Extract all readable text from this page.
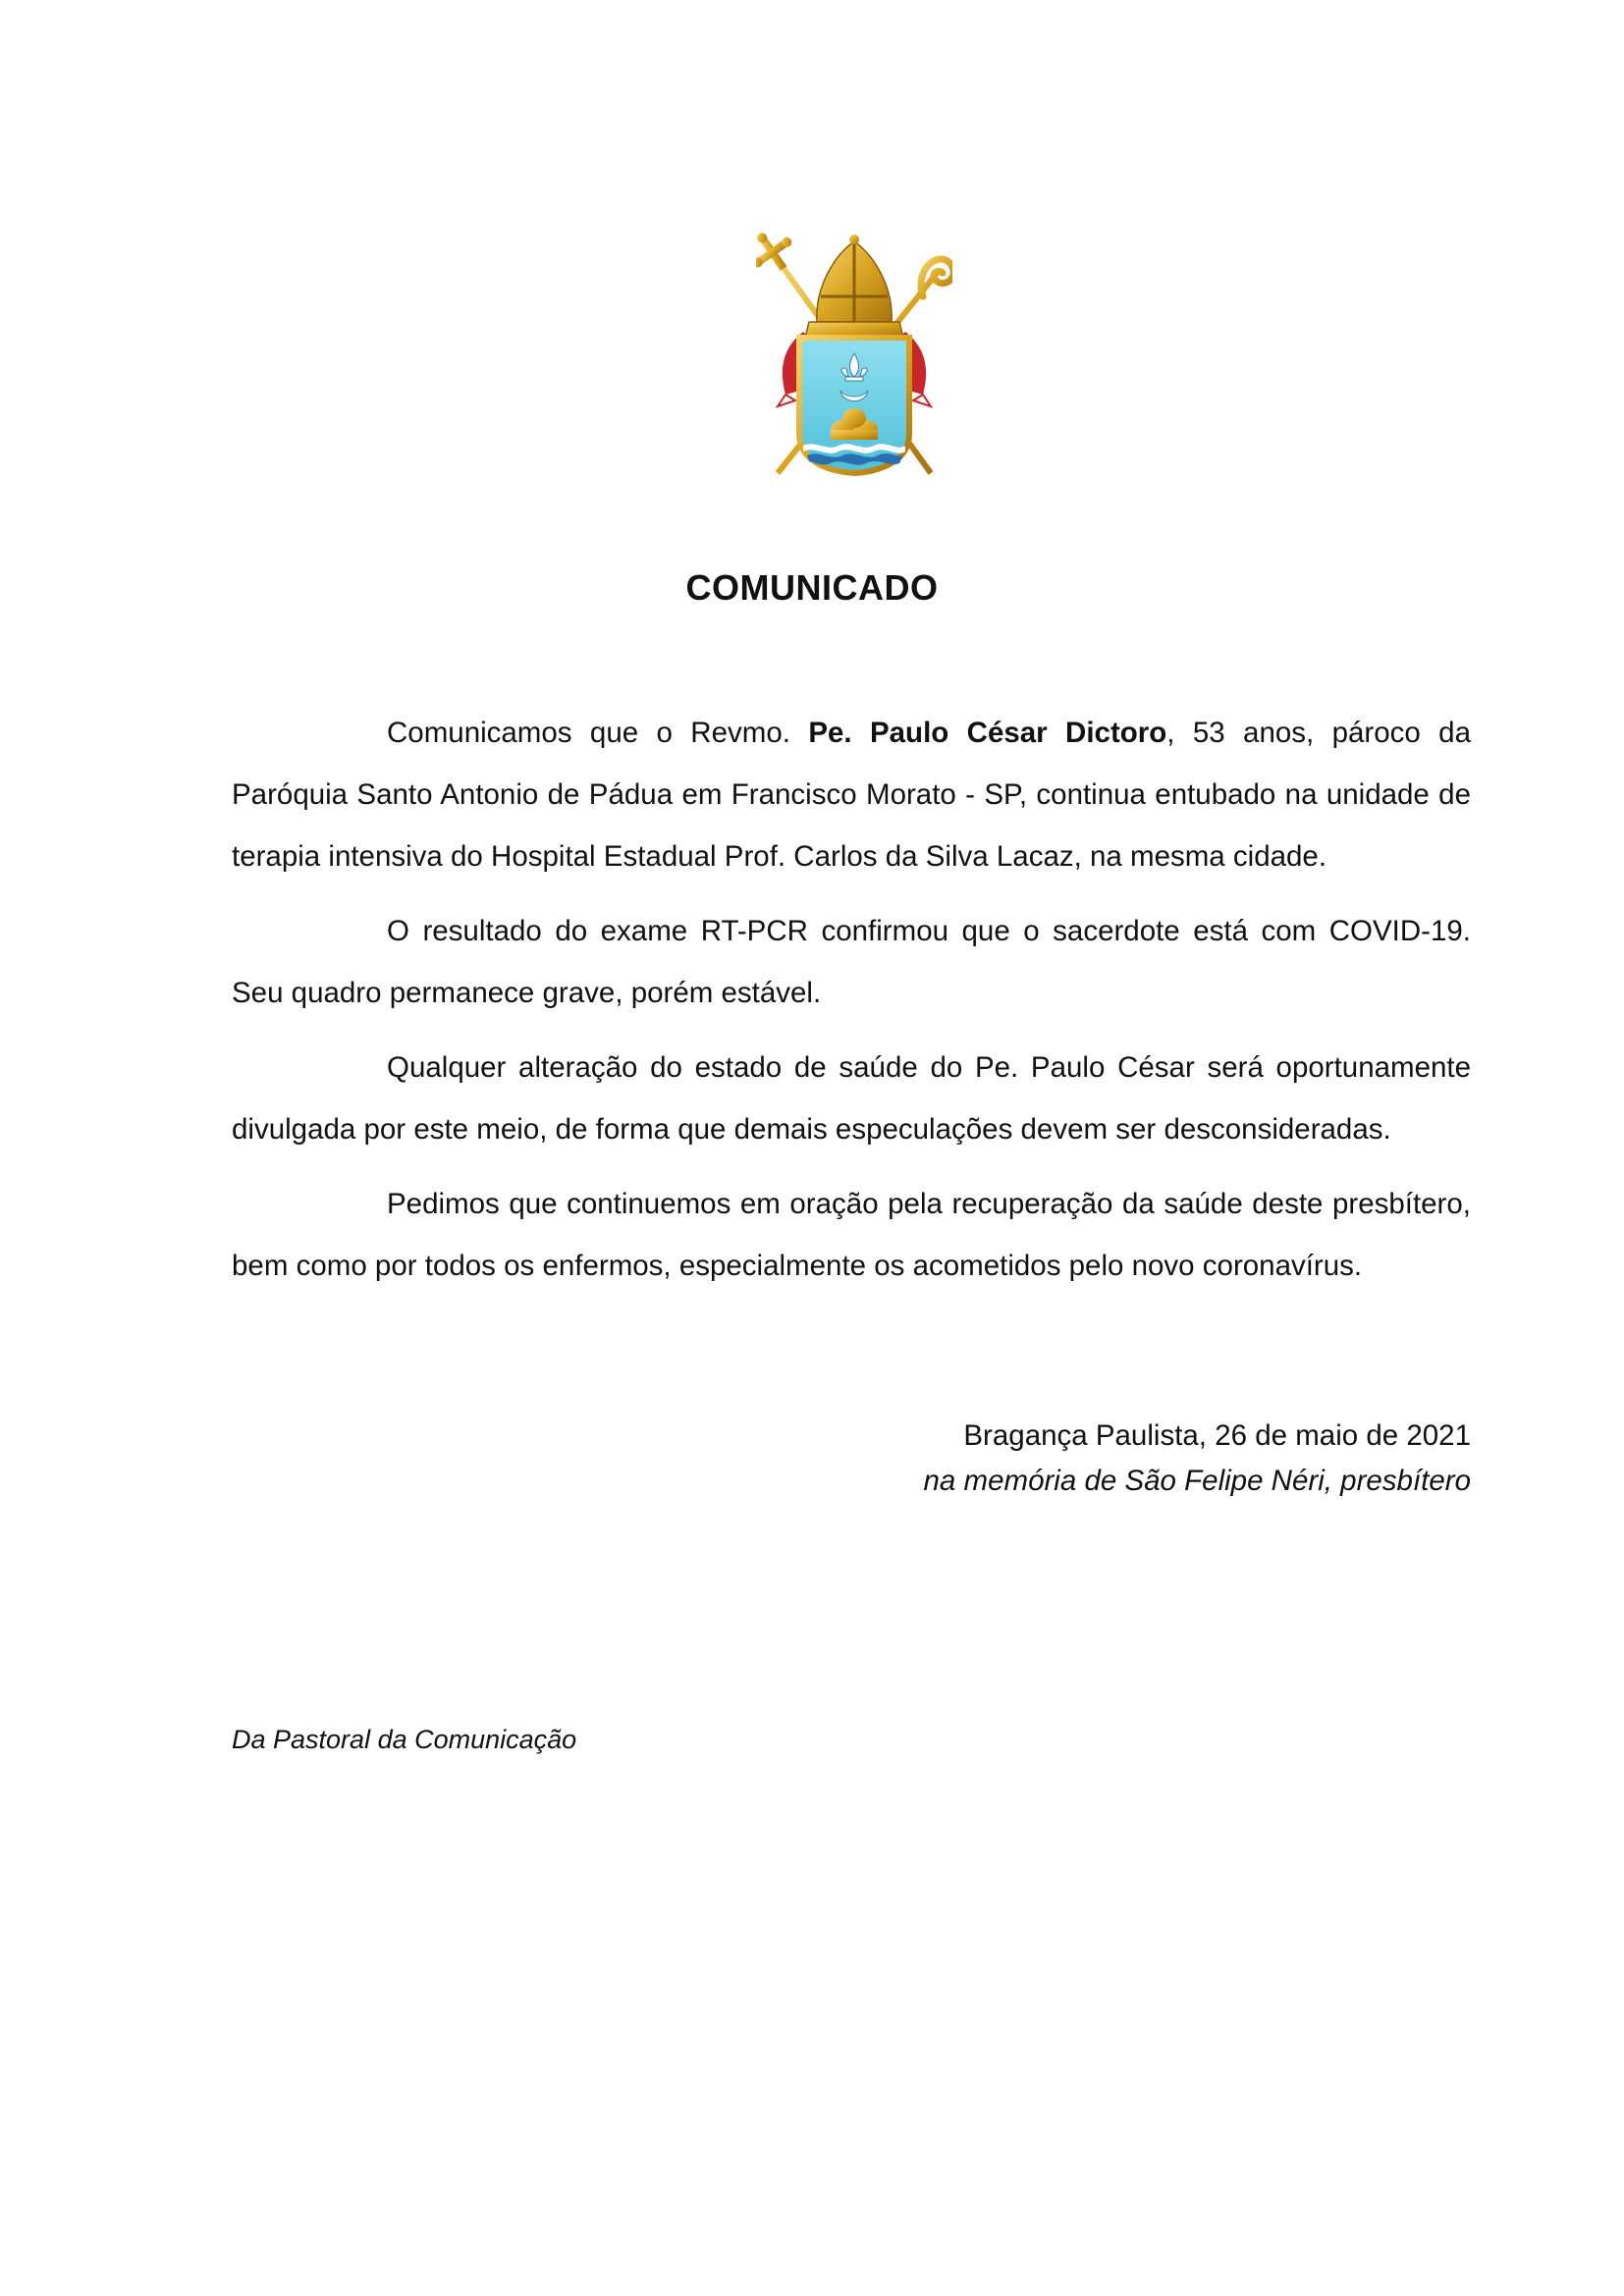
COMUNICADO

Comunicamos que o Revmo. Pe. Paulo César Dictoro, 53 anos, pároco da Paróquia Santo Antonio de Pádua em Francisco Morato - SP, continua entubado na unidade de terapia intensiva do Hospital Estadual Prof. Carlos da Silva Lacaz, na mesma cidade.

O resultado do exame RT-PCR confirmou que o sacerdote está com COVID-19. Seu quadro permanece grave, porém estável.

Qualquer alteração do estado de saúde do Pe. Paulo César será oportunamente divulgada por este meio, de forma que demais especulações devem ser desconsideradas.

Pedimos que continuemos em oração pela recuperação da saúde deste presbítero, bem como por todos os enfermos, especialmente os acometidos pelo novo coronavírus.

Bragança Paulista, 26 de maio de 2021
na memória de São Felipe Néri, presbítero
Da Pastoral da Comunicação
